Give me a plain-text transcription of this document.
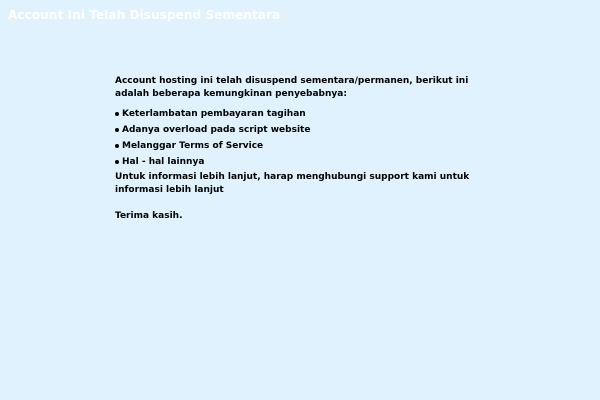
Account Ini Telah Disuspend Sementara

Account hosting ini telah disuspend sementara/permanen, berikut ini adalah beberapa kemungkinan penyebabnya:

Keterlambatan pembayaran tagihan
Adanya overload pada script website
Melanggar Terms of Service
Hal - hal lainnya

Untuk informasi lebih lanjut, harap menghubungi support kami untuk informasi lebih lanjut

Terima kasih.
